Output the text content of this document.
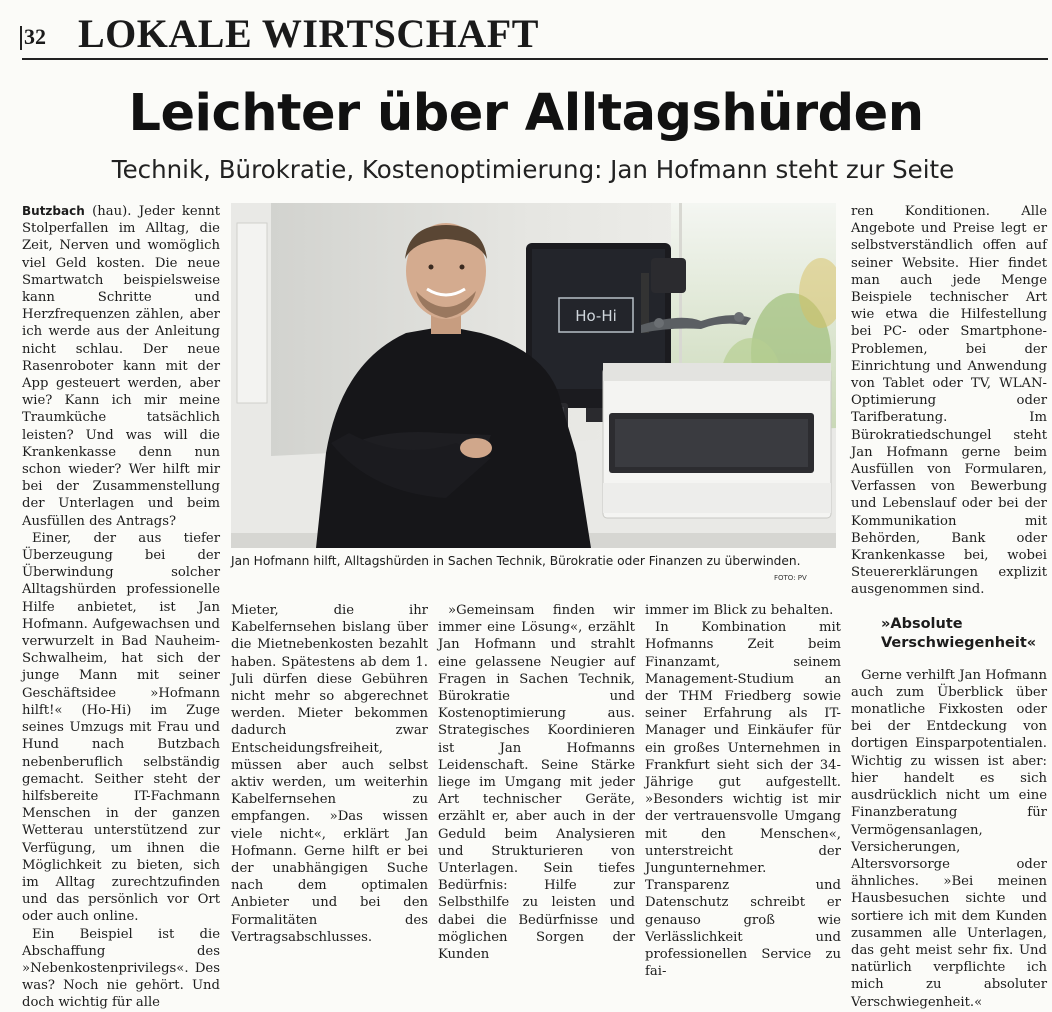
32 LOKALE WIRTSCHAFT
Leichter über Alltagshürden
Technik, Bürokratie, Kostenoptimierung: Jan Hofmann steht zur Seite

Butzbach (hau). Jeder kennt Stolperfallen im Alltag, die Zeit, Nerven und womöglich viel Geld kosten. Die neue Smartwatch beispielsweise kann Schritte und Herzfrequenzen zählen, aber ich werde aus der Anleitung nicht schlau. Der neue Rasenroboter kann mit der App gesteuert werden, aber wie? Kann ich mir meine Traumküche tatsächlich leisten? Und was will die Krankenkasse denn nun schon wieder? Wer hilft mir bei der Zusammenstellung der Unterlagen und beim Ausfüllen des Antrags?

Einer, der aus tiefer Überzeugung bei der Überwindung solcher Alltagshürden professionelle Hilfe anbietet, ist Jan Hofmann. Aufgewachsen und verwurzelt in Bad Nauheim-Schwalheim, hat sich der junge Mann mit seiner Geschäftsidee »Hofmann hilft!« (Ho-Hi) im Zuge seines Umzugs mit Frau und Hund nach Butzbach nebenberuflich selbständig gemacht. Seither steht der hilfsbereite IT-Fachmann Menschen in der ganzen Wetterau unterstützend zur Verfügung, um ihnen die Möglichkeit zu bieten, sich im Alltag zurechtzufinden und das persönlich vor Ort oder auch online.

Ein Beispiel ist die Abschaffung des »Nebenkostenprivilegs«. Des was? Noch nie gehört. Und doch wichtig für alle

Ho-Hi
Jan Hofmann hilft, Alltagshürden in Sachen Technik, Bürokratie oder Finanzen zu überwinden.
FOTO: PV

Mieter, die ihr Kabelfernsehen bislang über die Mietnebenkosten bezahlt haben. Spätestens ab dem 1. Juli dürfen diese Gebühren nicht mehr so abgerechnet werden. Mieter bekommen dadurch zwar Entscheidungsfreiheit, müssen aber auch selbst aktiv werden, um weiterhin Kabelfernsehen zu empfangen. »Das wissen viele nicht«, erklärt Jan Hofmann. Gerne hilft er bei der unabhängigen Suche nach dem optimalen Anbieter und bei den Formalitäten des Vertragsabschlusses.

»Gemeinsam finden wir immer eine Lösung«, erzählt Jan Hofmann und strahlt eine gelassene Neugier auf Fragen in Sachen Technik, Bürokratie und Kostenoptimierung aus. Strategisches Koordinieren ist Jan Hofmanns Leidenschaft. Seine Stärke liege im Umgang mit jeder Art technischer Geräte, erzählt er, aber auch in der Geduld beim Analysieren und Strukturieren von Unterlagen. Sein tiefes Bedürfnis: Hilfe zur Selbsthilfe zu leisten und dabei die Bedürfnisse und möglichen Sorgen der Kunden

immer im Blick zu behalten.

In Kombination mit Hofmanns Zeit beim Finanzamt, seinem Management-Studium an der THM Friedberg sowie seiner Erfahrung als IT-Manager und Einkäufer für ein großes Unternehmen in Frankfurt sieht sich der 34-Jährige gut aufgestellt. »Besonders wichtig ist mir der vertrauensvolle Umgang mit den Menschen«, unterstreicht der Jungunternehmer. Transparenz und Datenschutz schreibt er genauso groß wie Verlässlichkeit und professionellen Service zu fai-

ren Konditionen. Alle Angebote und Preise legt er selbstverständlich offen auf seiner Website. Hier findet man auch jede Menge Beispiele technischer Art wie etwa die Hilfestellung bei PC- oder Smartphone-Problemen, bei der Einrichtung und Anwendung von Tablet oder TV, WLAN-Optimierung oder Tarifberatung. Im Bürokratiedschungel steht Jan Hofmann gerne beim Ausfüllen von Formularen, Verfassen von Bewerbung und Lebenslauf oder bei der Kommunikation mit Behörden, Bank oder Krankenkasse bei, wobei Steuererklärungen explizit ausgenommen sind.

»Absolute Verschwiegenheit«

Gerne verhilft Jan Hofmann auch zum Überblick über monatliche Fixkosten oder bei der Entdeckung von dortigen Einsparpotentialen. Wichtig zu wissen ist aber: hier handelt es sich ausdrücklich nicht um eine Finanzberatung für Vermögensanlagen, Versicherungen, Altersvorsorge oder ähnliches. »Bei meinen Hausbesuchen sichte und sortiere ich mit dem Kunden zusammen alle Unterlagen, das geht meist sehr fix. Und natürlich verpflichte ich mich zu absoluter Verschwiegenheit.«
